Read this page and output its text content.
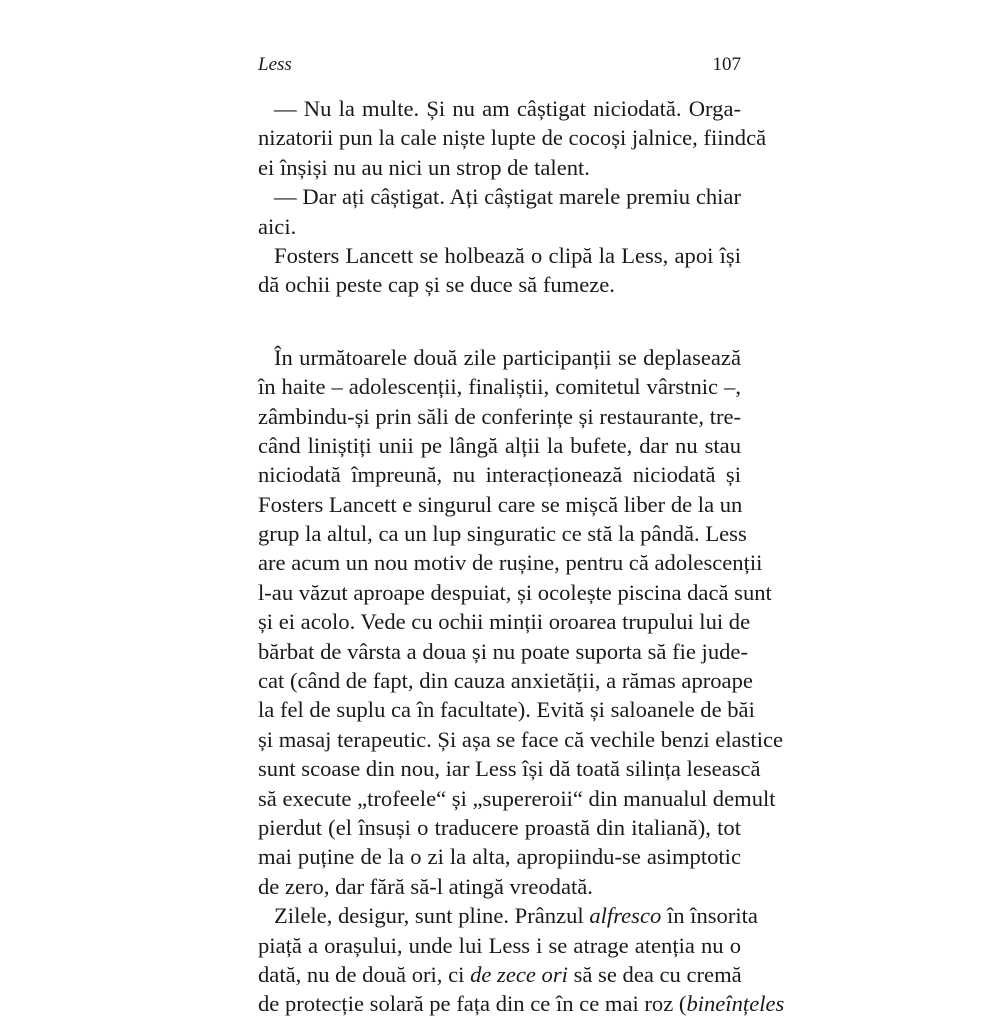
Less	107
— Nu la multe. Și nu am câștigat niciodată. Orga-
nizatorii pun la cale niște lupte de cocoși jalnice, fiindcă
ei înșiși nu au nici un strop de talent.
— Dar ați câștigat. Ați câștigat marele premiu chiar
aici.
Fosters Lancett se holbează o clipă la Less, apoi își
dă ochii peste cap și se duce să fumeze.
În următoarele două zile participanții se deplasează
în haite – adolescenții, finaliștii, comitetul vârstnic –,
zâmbindu-și prin săli de conferințe și restaurante, tre-
când liniștiți unii pe lângă alții la bufete, dar nu stau
niciodată împreună, nu interacționează niciodată și
Fosters Lancett e singurul care se mișcă liber de la un
grup la altul, ca un lup singuratic ce stă la pândă. Less
are acum un nou motiv de rușine, pentru că adolescenții
l-au văzut aproape despuiat, și ocolește piscina dacă sunt
și ei acolo. Vede cu ochii minții oroarea trupului lui de
bărbat de vârsta a doua și nu poate suporta să fie jude-
cat (când de fapt, din cauza anxietății, a rămas aproape
la fel de suplu ca în facultate). Evită și saloanele de băi
și masaj terapeutic. Și așa se face că vechile benzi elastice
sunt scoase din nou, iar Less își dă toată silința lesească
să execute „trofeele“ și „supereroii“ din manualul demult
pierdut (el însuși o traducere proastă din italiană), tot
mai puține de la o zi la alta, apropiindu-se asimptotic
de zero, dar fără să-l atingă vreodată.
Zilele, desigur, sunt pline. Prânzul alfresco în însorita
piață a orașului, unde lui Less i se atrage atenția nu o
dată, nu de două ori, ci de zece ori să se dea cu cremă
de protecție solară pe fața din ce în ce mai roz (bineînțeles
